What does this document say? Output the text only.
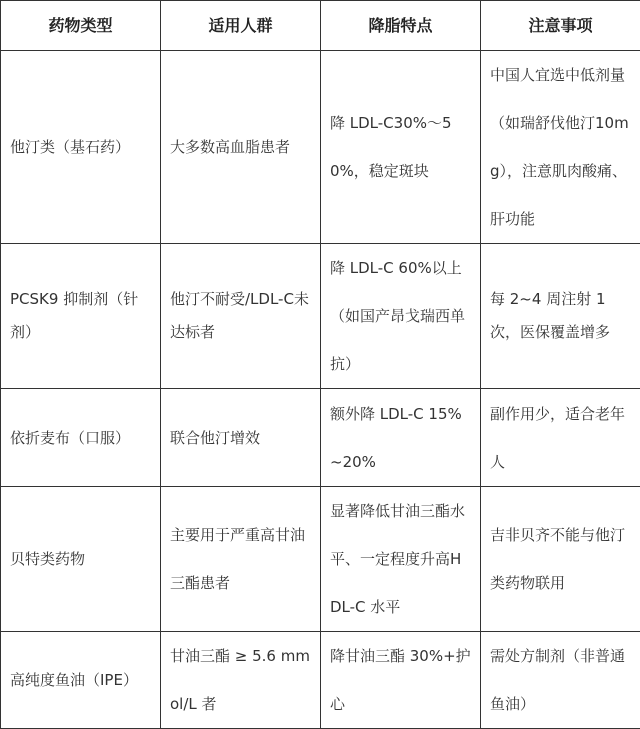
药物类型	适用人群	降脂特点	注意事项
他汀类（基石药）	大多数高血脂患者	降 LDL-C30%～50%，稳定斑块	中国人宜选中低剂量（如瑞舒伐他汀10mg），注意肌肉酸痛、肝功能
PCSK9 抑制剂（针剂）	他汀不耐受/LDL-C未达标者	降 LDL-C 60%以上（如国产昂戈瑞西单抗）	每 2~4 周注射 1 次，医保覆盖增多
依折麦布（口服）	联合他汀增效	额外降 LDL-C 15%~20%	副作用少，适合老年人
贝特类药物	主要用于严重高甘油三酯患者	显著降低甘油三酯水平、一定程度升高HDL-C 水平	吉非贝齐不能与他汀类药物联用
高纯度鱼油（IPE）	甘油三酯 ≥ 5.6 mmol/L 者	降甘油三酯 30%+护心	需处方制剂（非普通鱼油）
